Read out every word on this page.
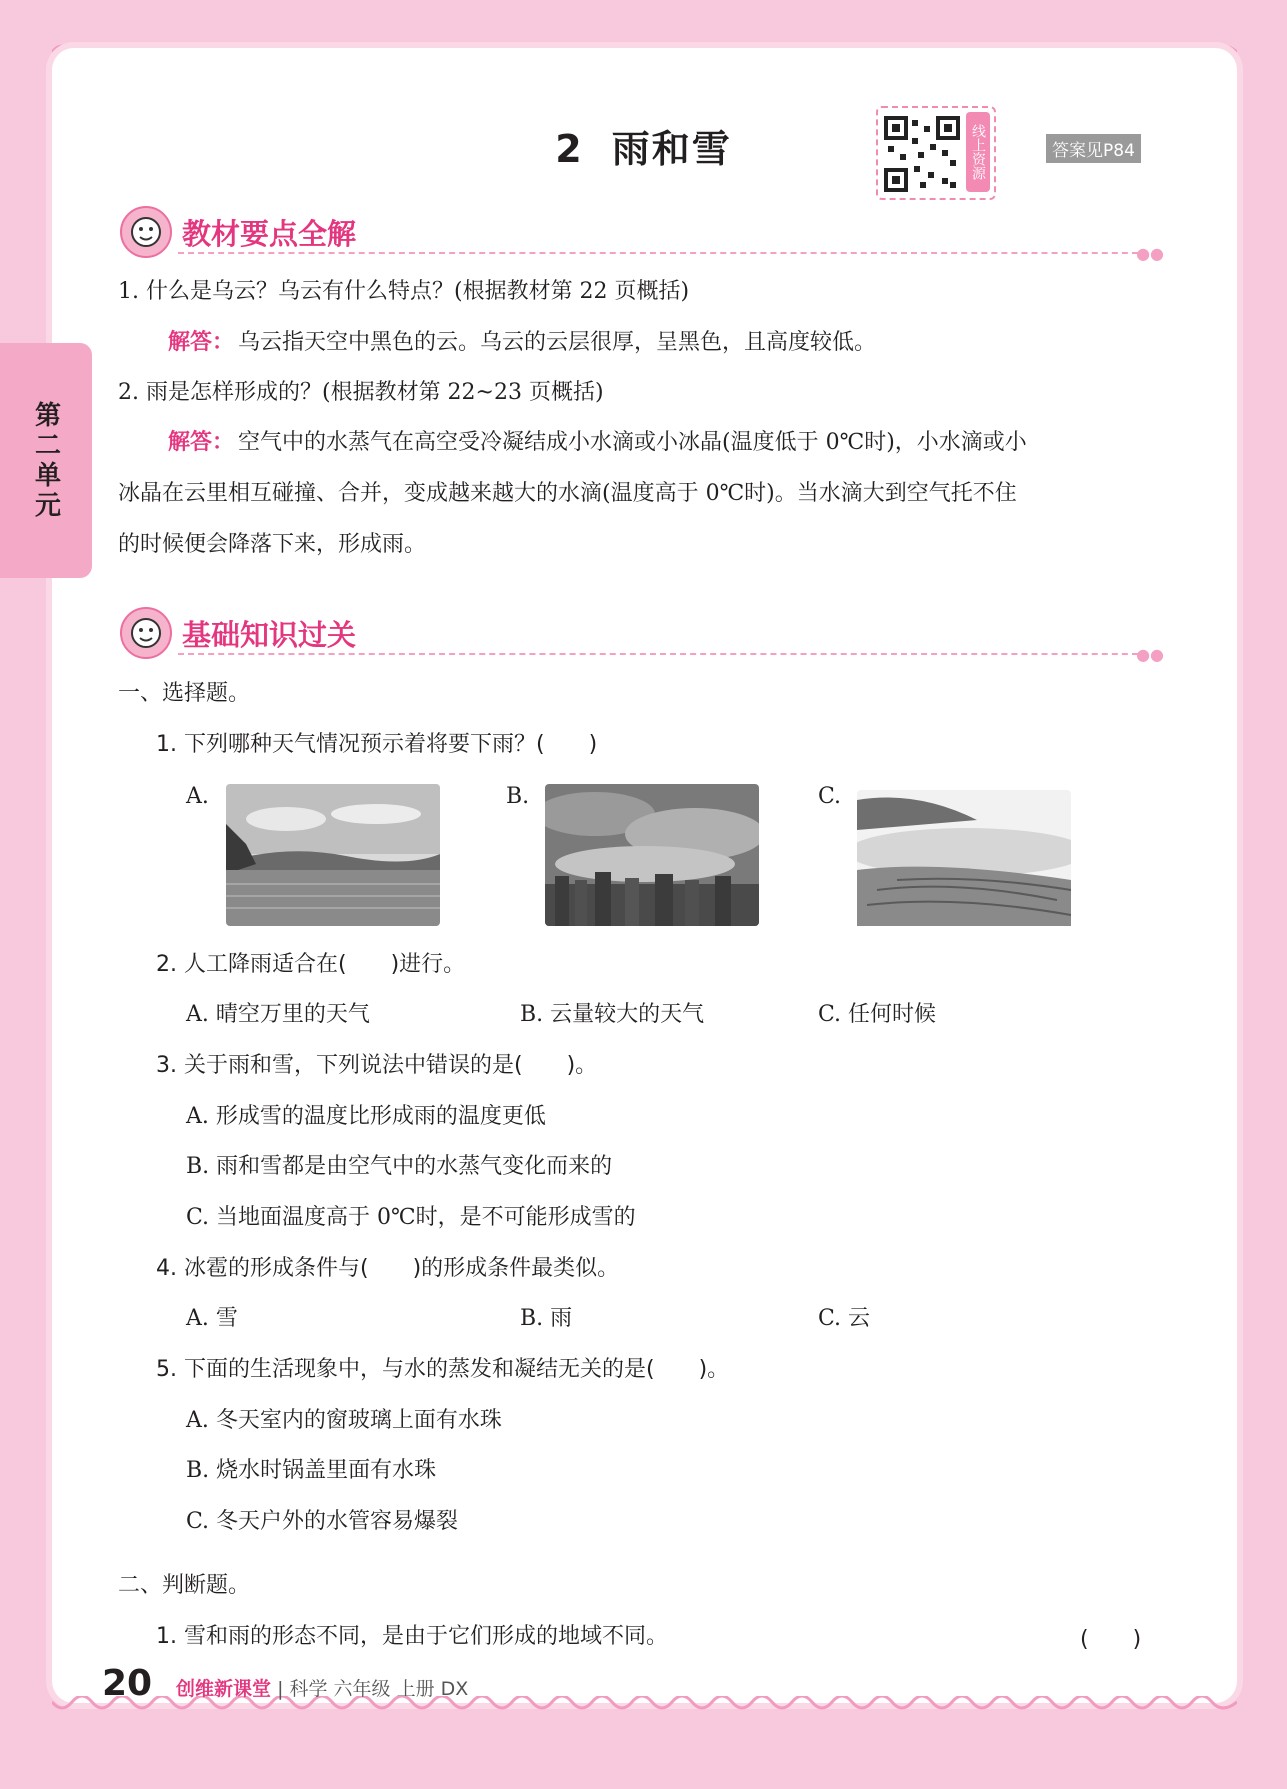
第二单元
2 雨和雪	线上资源	答案见P84
教材要点全解
●●
1. 什么是乌云？乌云有什么特点？(根据教材第 22 页概括)
解答： 乌云指天空中黑色的云。乌云的云层很厚，呈黑色，且高度较低。
2. 雨是怎样形成的？(根据教材第 22~23 页概括)
解答： 空气中的水蒸气在高空受冷凝结成小水滴或小冰晶(温度低于 0℃时)，小水滴或小
冰晶在云里相互碰撞、合并，变成越来越大的水滴(温度高于 0℃时)。当水滴大到空气托不住
的时候便会降落下来，形成雨。
基础知识过关
●●
一、选择题。
1. 下列哪种天气情况预示着将要下雨？(　　)
A.	B.	C.
2. 人工降雨适合在(　　)进行。
A. 晴空万里的天气	B. 云量较大的天气	C. 任何时候
3. 关于雨和雪，下列说法中错误的是(　　)。
A. 形成雪的温度比形成雨的温度更低
B. 雨和雪都是由空气中的水蒸气变化而来的
C. 当地面温度高于 0℃时，是不可能形成雪的
4. 冰雹的形成条件与(　　)的形成条件最类似。
A. 雪	B. 雨	C. 云
5. 下面的生活现象中，与水的蒸发和凝结无关的是(　　)。
A. 冬天室内的窗玻璃上面有水珠
B. 烧水时锅盖里面有水珠
C. 冬天户外的水管容易爆裂
二、判断题。
1. 雪和雨的形态不同，是由于它们形成的地域不同。	(　　)
20 创维新课堂 | 科学 六年级 上册 DX
